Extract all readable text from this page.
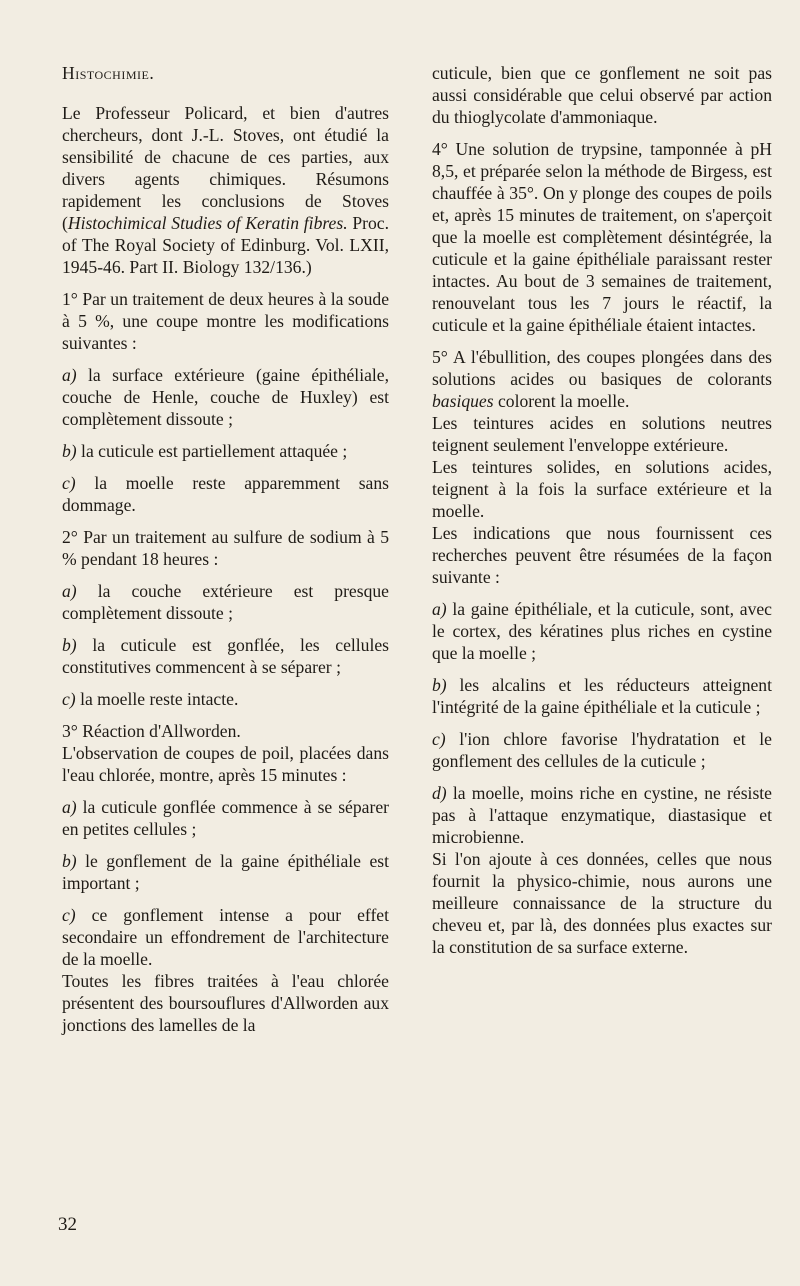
Histochimie.

Le Professeur Policard, et bien d'autres chercheurs, dont J.-L. Stoves, ont étudié la sensibilité de chacune de ces parties, aux divers agents chimiques. Résumons rapidement les conclusions de Stoves (Histochimical Studies of Keratin fibres. Proc. of The Royal Society of Edinburg. Vol. LXII, 1945-46. Part II. Biology 132/136.)

1° Par un traitement de deux heures à la soude à 5 %, une coupe montre les modifications suivantes :

a) la surface extérieure (gaine épithéliale, couche de Henle, couche de Huxley) est complètement dissoute ;

b) la cuticule est partiellement attaquée ;

c) la moelle reste apparemment sans dommage.

2° Par un traitement au sulfure de sodium à 5 % pendant 18 heures :

a) la couche extérieure est presque complètement dissoute ;

b) la cuticule est gonflée, les cellules constitutives commencent à se séparer ;

c) la moelle reste intacte.

3° Réaction d'Allworden.

L'observation de coupes de poil, placées dans l'eau chlorée, montre, après 15 minutes :

a) la cuticule gonflée commence à se séparer en petites cellules ;

b) le gonflement de la gaine épithéliale est important ;

c) ce gonflement intense a pour effet secondaire un effondrement de l'architecture de la moelle.

Toutes les fibres traitées à l'eau chlorée présentent des boursouflures d'Allworden aux jonctions des lamelles de la

cuticule, bien que ce gonflement ne soit pas aussi considérable que celui observé par action du thioglycolate d'ammoniaque.

4° Une solution de trypsine, tamponnée à pH 8,5, et préparée selon la méthode de Birgess, est chauffée à 35°. On y plonge des coupes de poils et, après 15 minutes de traitement, on s'aperçoit que la moelle est complètement désintégrée, la cuticule et la gaine épithéliale paraissant rester intactes. Au bout de 3 semaines de traitement, renouvelant tous les 7 jours le réactif, la cuticule et la gaine épithéliale étaient intactes.

5° A l'ébullition, des coupes plongées dans des solutions acides ou basiques de colorants basiques colorent la moelle.

Les teintures acides en solutions neutres teignent seulement l'enveloppe extérieure.

Les teintures solides, en solutions acides, teignent à la fois la surface extérieure et la moelle.

Les indications que nous fournissent ces recherches peuvent être résumées de la façon suivante :

a) la gaine épithéliale, et la cuticule, sont, avec le cortex, des kératines plus riches en cystine que la moelle ;

b) les alcalins et les réducteurs atteignent l'intégrité de la gaine épithéliale et la cuticule ;

c) l'ion chlore favorise l'hydratation et le gonflement des cellules de la cuticule ;

d) la moelle, moins riche en cystine, ne résiste pas à l'attaque enzymatique, diastasique et microbienne.

Si l'on ajoute à ces données, celles que nous fournit la physico-chimie, nous aurons une meilleure connaissance de la structure du cheveu et, par là, des données plus exactes sur la constitution de sa surface externe.

32
